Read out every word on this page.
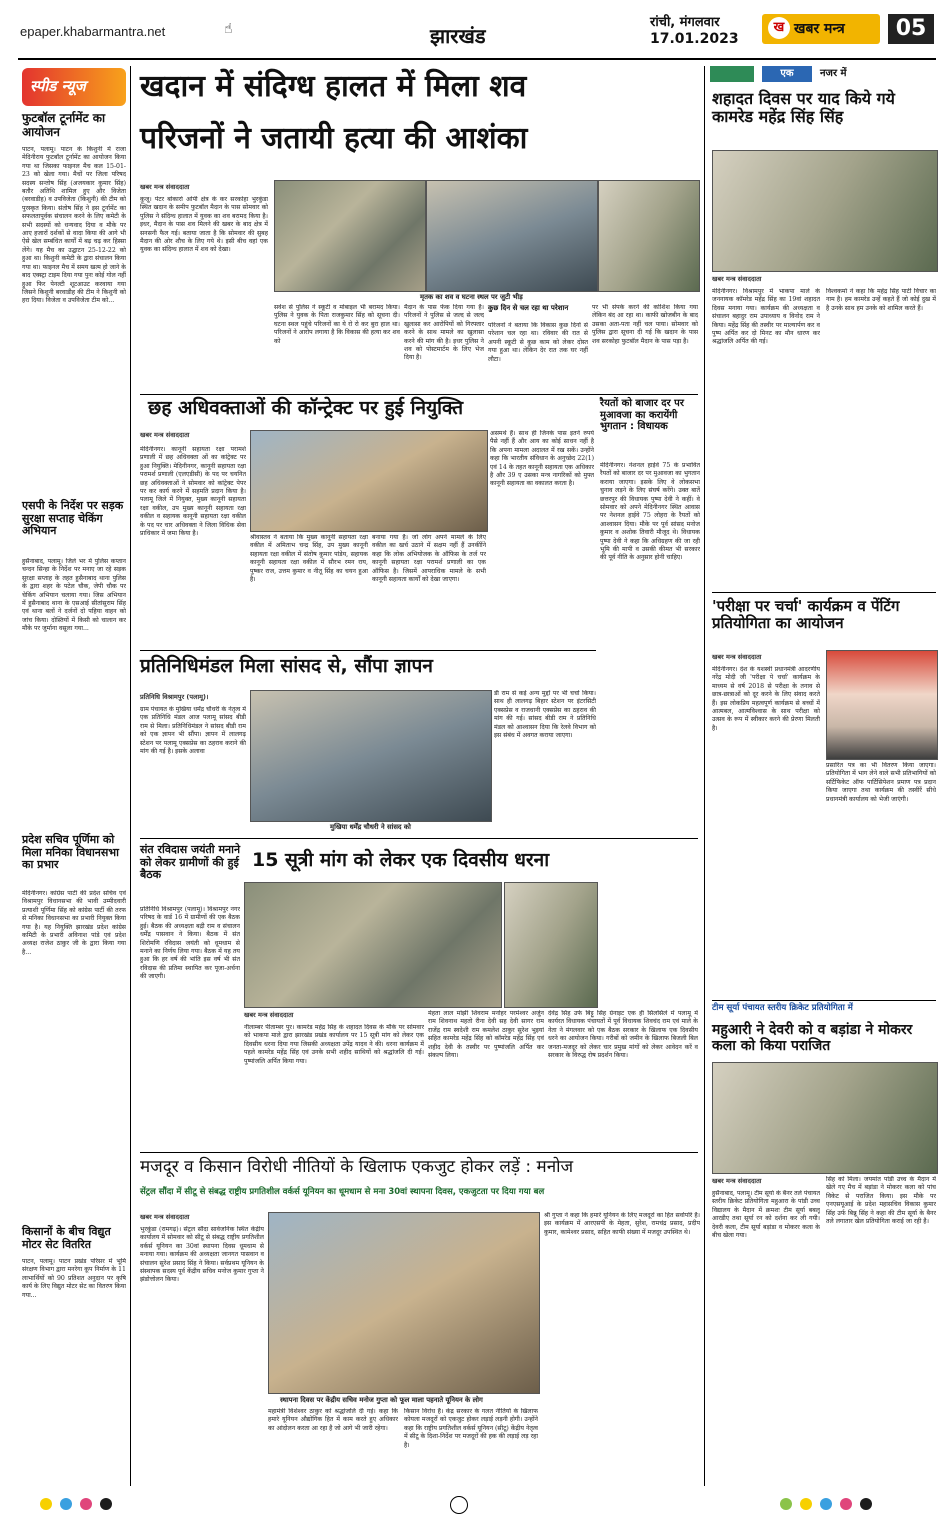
epaper.khabarmantra.net	☝	झारखंड
रांची, मंगलवार
17.01.2023
ख खबर मन्त्र	05
स्पीड न्यूज
फुटबॉल टूर्नामेंट का आयोजन
पाटन, पलामू। पाटन के किशुनी में राजा मेदिनीराय फुटबॉल टूर्नामेंट का आयोजन किया गया था जिसका फाइनल मैच कल 15-01-23 को खेला गया। मैचों पर जिला परिषद सदस्य सन्तोष सिंह (अजयकार कुमार सिंह) बतौर अतिथि शामिल हुए और विजेता (बरवाडीह) व उपविजेता (किशुनी) की टीम को पुरस्कृत किया। संतोष सिंह ने इस टूर्नामेंट का सफलतापूर्वक संचालन करने के लिए कमेटी के सभी सदस्यों को धन्यवाद दिया व मौके पर आए हजारों दर्शकों से वादा किया की आगे भी ऐसे खेल सम्बंधित कार्यों में बढ़ चढ़ कर हिस्सा लेंगे। यह मैच का उद्घाटन 25-12-22 को हुआ था। किशुनी कमेटी के द्वारा संचालन किया गया था। फाइनल मैच में समय खत्म हो जाने के बाद एक्स्ट्रा टाइम दिया गया पुनः कोई गोल नहीं हुआ फिर पेनल्टी शूटआउट करवाया गया जिसने किशुनी बरवाडीह की टीम ने किशुनी को हरा दिया। विजेता व उपविजेता टीम को...
एसपी के निर्देश पर सड़क सुरक्षा सप्ताह चेकिंग अभियान
हुसैनाबाद, पलामू। जिले भर में पुलिस कप्तान चन्दन सिन्हा के निर्देश पर मनाए जा रहे सड़क सुरक्षा सप्ताह के तहत हुसैनाबाद थाना पुलिस के द्वारा शहर के पटेल चौक, जेपी चौक पर चेकिंग अभियान चलाया गया। जिस अभियान में हुसैनाबाद थाना के एसआई सीतांसुराम सिंह एवं थाना बलों ने दर्जनों दो पहिया वाहन को जांच किया। दोस्तियों में किसी को चालान कर मौके पर जुर्माना वसूला गया...
प्रदेश सचिव पूर्णिमा को मिला मनिका विधानसभा का प्रभार
मेदिनीनगर। कांग्रेस पार्टी की प्रदेश सचिव एवं विश्रामपुर विधानसभा की भावी उम्मीदवारी प्रत्याशी पूर्णिमा सिंह को कांग्रेस पार्टी की तरफ से मनिका विधानसभा का प्रभारी नियुक्त किया गया है। यह नियुक्ति झारखंड प्रदेश कांग्रेस कमिटी के प्रभारी अविनाश पांडे एवं प्रदेश अध्यक्ष राजेश ठाकुर जी के द्वारा किया गया है...
किसानों के बीच विद्युत मोटर सेट वितरित
पाटन, पलामू। पाटन प्रखंड परिसर में भूमि संरक्षण विभाग द्वारा मनरेगा कूप निर्माण के 11 लाभार्थियों को 90 प्रतिशत अनुदान पर कृषि कार्य के लिए विद्युत मोटर सेट का वितरण किया गया...
खदान में संदिग्ध हालत में मिला शव
परिजनों ने जतायी हत्या की आशंका
खबर मन्त्र संवाददाता
कुजू। पेटर बोकारो ओपी क्षेत्र के कर सरकोहा भुरकुंडा स्थित खदान के समीप फुटबॉल मैदान के पास सोमवार को पुलिस ने संदिग्ध हालात में युवक का शव बरामद किया है। इधर, मैदान के पास शव मिलने की खबर के बाद क्षेत्र में सनसनी फैल गई। बताया जाता है कि सोमवार की सुबह मैदान की ओर शौच के लिए गये थे। इसी बीच वहां एक युवक का संदिग्ध हालात में शव को देखा।
मृतक का शव व घटना स्थल पर जुटी भीड़
सर्वेश से पुलिस ने स्कूटी व मोबाइल भी बरामद किया। पुलिस ने युवक के पिता राजकुमार सिंह को सूचना दी। घटना स्थल पहुंचे परिजनों का ये रो रो कर बुरा हाल था। परिजनों ने आरोप लगाया है कि विकास की हत्या कर शव को
मैदान के पास फेंक दिया गया है। परिजनों ने पुलिस से जल्द से जल्द खुलासा कर आरोपियों को गिरफ्तार करने के साथ मामले का खुलासा करने की मांग की है। इधर पुलिस ने शव को पोस्टमार्टम के लिए भेज दिया है।
कुछ दिन से चल रहा था परेशान
परिजनों ने बताया कि विकास कुछ दिनों से परेशान चल रहा था। रविवार की रात से अपनी स्कूटी से कुछ काम को लेकर दोस्त गया हुआ था। लेकिन देर रात तक घर नहीं लौटा।
पर भी संपर्क करने की कोशिश किया गया लेकिन बंद आ रहा था। काफी खोजबीन के बाद उसका अता-पता नहीं चल पाया। सोमवार को पुलिस द्वारा सूचना दी गई कि खदान के पास शव सरकोहा फुटबॉल मैदान के पास पड़ा है।
छह अधिवक्ताओं की कॉन्ट्रेक्ट पर हुई नियुक्ति
खबर मन्त्र संवाददाता
मेदिनीनगर। कानूनी सहायता रक्षा परामर्श प्रणाली में छह अधिवक्ता ओं का कांट्रेक्ट पर हुआ नियुक्ति। मेदिनीनगर, कानूनी सहायता रक्षा परामर्श प्रणाली (एलएडीसी) के पद पर चयनित छह अधिवक्ताओं ने सोमवार को कांट्रेक्ट पेपर पर कर कार्य करने में सहमति प्रदान किया है। पलामू जिले में नियुक्त, मुख्य कानूनी सहायता रक्षा वकील, उप मुख्य कानूनी सहायता रक्षा वकील व सहायक कानूनी सहायता रक्षा वकील के पद पर चार अधिवक्ता ने जिला विधिक सेवा प्राधिकार में जमा किया है।
श्रीवास्तव ने बताया कि मुख्य कानूनी सहायता रक्षा वकील में अमिताभ चन्द्र सिंह, उप मुख्य कानूनी सहायता रक्षा वकील में संतोष कुमार पांडेय, सहायक कानूनी सहायता रक्षा वकील में सौरभ रमन राय, पुष्कर राज, उत्तम कुमार व नीतू सिंह का चयन हुआ है।
बनाया गया है। जो लोग अपने मामले के लिए वकील का खर्च उठाने में सक्षम नहीं हैं उनकीोंने कहा कि लोक अभियोजक के ऑफिस के तर्ज पर कानूनी सहायता रक्षा परामर्श प्रणाली का एक ऑफिस है। जिसमें आपराधिक मामले के सभी कानूनी सहायता कार्यों को देखा जाएगा।
असमर्थ हैं। साथ ही जिनके पास इतने रुपये पैसे नहीं हैं और आय का कोई साधन नहीं है कि अपना मामला अदालत में रख सकें। उन्होंने कहा कि भारतीय संविधान के अनुच्छेद 22(1) एवं 14 के तहत कानूनी सहायता एक अधिकार है और 39 ए उसका मन्त्र नागरिकों को मुफ्त कानूनी सहायता का वकालत करता है।
रैयतों को बाजार दर पर मुआवजा का करायेंगी भुगतान : विधायक
मेदिनीनगर। नेशनल हाईवे 75 के प्रभावित रैयतों को बाजार दर पर मुआवजा का भुगतान कराया जाएगा। इसके लिए वे लोकसभा चुनाव लड़ने के लिए संघर्ष करेंगे। उक्त बातें छत्तरपुर की विधायक पुष्पा देवी ने कहीं। वे सोमवार को अपने मेदिनीनगर स्थित आवास पर नेशनल हाईवे 75 लोहरा के रैयतों को आश्वासन दिया। मौके पर पूर्व सांसद मनोज कुमार व अशोक तिवारी मौजूद थे। विधायक पुष्पा देवी ने कहा कि अधिग्रहण की जा रही भूमि की मापी व उसकी कीमत भी सरकार की पूर्व नीति के अनुसार होनी चाहिए।
प्रतिनिधिमंडल मिला सांसद से, सौंपा ज्ञापन
प्रतिनिधि विश्रामपुर (पलामू)।
ग्राम पंचायत के मुखिया धर्मेंद्र चौधरी के नेतृत्व में एक प्रतिनिधि मंडल आज पलामू सांसद बीडी राम से मिला। प्रतिनिधिमंडल ने सांसद बीडी राम को एक ज्ञापन भी सौंपा। ज्ञापन में लालगढ़ स्टेशन पर पलामू एक्सप्रेस का ठहराव कराने की मांग की गई है। इसके अलावा
मुखिया धर्मेंद्र चौधरी ने सांसद को
डी राम से कई अन्य मुद्दों पर भी चर्चा किया। साथ ही लालगढ़ बिहार स्टेशन पर इंटरसिटी एक्सप्रेस व राजधानी एक्सप्रेस का ठहराव की मांग की गई। सांसद बीडी राम ने प्रतिनिधि मंडल को आश्वासन दिया कि रेलवे विभाग को इस संबंध में अवगत कराया जाएगा।
संत रविदास जयंती मनाने को लेकर ग्रामीणों की हुई बैठक
प्रतिनिधि विश्रामपुर (पलामू)। विश्रामपुर नगर परिषद के वार्ड 16 में ग्रामीणों की एक बैठक हुई। बैठक की अध्यक्षता बद्री राम व संचालन धर्मेंद्र पासवान ने किया। बैठक में संत शिरोमणि रविदास जयंती को धूमधाम से मनाने का निर्णय लिया गया। बैठक में यह तय हुआ कि हर वर्ष की भांति इस वर्ष भी संत रविदास की प्रतिमा स्थापित कर पूजा-अर्चना की जाएगी।
15 सूत्री मांग को लेकर एक दिवसीय धरना
खबर मन्त्र संवाददाता
नीलाम्बर पीताम्बर पुर। कामरेड महेंद्र सिंह के शहादत दिवस के मौके पर सोमवार को भाकपा माले द्वारा झारखंड प्रखंड कार्यालय पर 15 सूत्री मांग को लेकर एक दिवसीय धरना दिया गया जिसकी अध्यक्षता उपेंद्र यादव ने की। धरना कार्यक्रम में पहले कामरेड महेंद्र सिंह एवं उनके सभी शहीद साथियों को श्रद्धांजलि दी गई। पुष्पांजलि अर्पित किया गया।
मेहता लाल मांझी शिवराम मनोहर परमेश्वर अर्जुन राम शिवनाथ महतो रीना देवी सह देवी सागर राम राजेंद्र राम स्वदेशी राम कमलेश ठाकुर सुरेश भुइयां सहित कामरेड महेंद्र सिंह को कॉमरेड महेंद्र सिंह एवं शहीद देवी के तस्वीर पर पुष्पांजलि अर्पित कर संकल्प लिया।
देवेंद्र सिंह उर्फ बिट्टू सिंह ग्रेनाइट एक ही सिलसिले में पलामू में कार्यरत विधायक पंचायतों में पूर्व विधायक शिवचंद राम एवं माले के नेता ने मंगलवार को एक बैठक सरकार के खिलाफ एक दिवसीय धरने का आयोजन किया। गरीबों को जमीन के खिलाफ बिजली बिल जनता-मजदूर को लेकर चार प्रमुख मांगों को लेकर आवेदन करें व सरकार के विरुद्ध रोष प्रदर्शन किया।
मजदूर व किसान विरोधी नीतियों के खिलाफ एकजुट होकर लड़ें : मनोज
सेंट्रल सौंदा में सीटू से संबद्ध राष्ट्रीय प्रगतिशील वर्कर्स यूनियन का धूमधाम से मना 30वां स्थापना दिवस, एकजुटता पर दिया गया बल
खबर मन्त्र संवाददाता
भुरकुंडा (रामगढ़)। सेंट्रल सौंदा सार्वजनिक स्थित केंद्रीय कार्यालय में सोमवार को सीटू से संबद्ध राष्ट्रीय प्रगतिशील वर्कर्स यूनियन का 30वां स्थापना दिवस धूमधाम से मनाया गया। कार्यक्रम की अध्यक्षता जानगत पासवान व संचालन सुरेश प्रसाद सिंह ने किया। सर्वप्रथम यूनियन के संस्थापक सदस्य पूर्व केंद्रीय सचिव मनोज कुमार गुप्ता ने झंडोत्तोलन किया।
स्थापना दिवस पर केंद्रीय सचिव मनोज गुप्ता को फूल माला पहनाते यूनियन के लोग
महामंत्री विशेश्वर ठाकुर को श्रद्धांजलि दी गई। कहा कि हमारे यूनियन औद्योगिक हित में काम करते हुए अधिकार का आंदोलन करता आ रहा है जो आगे भी जारी रहेगा।
किसान विरोध हैं। केंद्र सरकार के गलत नीतियों के खिलाफ कोयला मजदूरों को एकजुट होकर लड़ाई लड़नी होगी। उन्होंने कहा कि राष्ट्रीय प्रगतिशील वर्कर्स यूनियन (सीटू) केंद्रीय नेतृत्व में सीटू के दिशा-निर्देश पर मजदूरों की हक की लड़ाई लड़ रहा है।
श्री गुप्ता ने कहा कि हमारे यूनियन के लिए मजदूरों का हित सर्वोपरि है। इस कार्यक्रम में आरएसपी के मेहता, सुरेश, रामचंद्र प्रसाद, प्रदीप कुमार, कामेश्वर प्रसाद, सहित काफी संख्या में मजदूर उपस्थित थे।
एक	नजर में
शहादत दिवस पर याद किये गये कामरेड महेंद्र सिंह सिंह
खबर मन्त्र संवाददाता
मेदिनीनगर। विश्रामपुर में भाकपा माले के जननायक कॉमरेड महेंद्र सिंह का 19वां शहादत दिवस मनाया गया। कार्यक्रम की अध्यक्षता व संचालन बहादुर राम उपाध्याय व विनोद राम ने किया। महेंद्र सिंह की तस्वीर पर माल्यार्पण कर व पुष्प अर्पित कर दो मिनट का मौन धारण कर श्रद्धांजलि अर्पित की गई।
विश्वकर्मा ने कहा कि महेंद्र सिंह पार्टी विचार का नाम है। हम कामरेड उन्हें कहते हैं जो कोई दुख में है उनके साथ हम उनके को शामिल करते हैं।
'परीक्षा पर चर्चा' कार्यक्रम व पेंटिंग प्रतियोगिता का आयोजन
खबर मन्त्र संवाददाता
मेदिनीनगर। देश के यशस्वी प्रधानमंत्री आदरणीय नरेंद्र मोदी जी 'परीक्षा पे चर्चा' कार्यक्रम के माध्यम से वर्ष 2018 से परीक्षा के तनाव से छात्र-छात्राओं को दूर करने के लिए संवाद करते हैं। इस लोकप्रिय महत्वपूर्ण कार्यक्रम से बच्चों में आत्मबल, आत्मविश्वास के साथ परीक्षा को उत्सव के रूप में स्वीकार करने की प्रेरणा मिलती है।
प्रसारित पत्र का भी वितरण किया जाएगा। प्रतियोगिता में भाग लेने वाले सभी प्रतिभागियों को सर्टिफिकेट ऑफ पार्टिसिपेशन प्रमाण पत्र प्रदान किया जाएगा तथा कार्यक्रम की तस्वीरें सीधे प्रधानमंत्री कार्यालय को भेजी जाएंगी।
टीम सूर्या पंचायत स्तरीय क्रिकेट प्रतियोगिता में
महुआरी ने देवरी को व बड़ांडा ने मोकरर कला को किया पराजित
खबर मन्त्र संवाददाता
हुसैनाबाद, पलामू। टीम सूर्या के बैनर तले पंचायत स्तरीय क्रिकेट प्रतियोगिता महुआरा के पांडी उच्च विद्यालय के मैदान में क्रमशः टीम सूर्या बबलू आरडीए तथा सूर्या रन को दर्शना कर ली गयी। देवरी कला, टीम सूर्या बड़ांडा व मोकरर कला के बीच खेला गया।
सिंह को मिला। जयमांत पांडी उच्च के मैदान में खेले गए मैच में बड़ांडा ने मोकरर कला को पांच विकेट से पराजित किया। इस मौके पर एनएसयूआई के प्रदेश महासचिव विकास कुमार सिंह उर्फ बिन्नू सिंह ने कहा की टीम सूर्या के बैनर तले लगातार खेल प्रतियोगिता कराई जा रही है।
